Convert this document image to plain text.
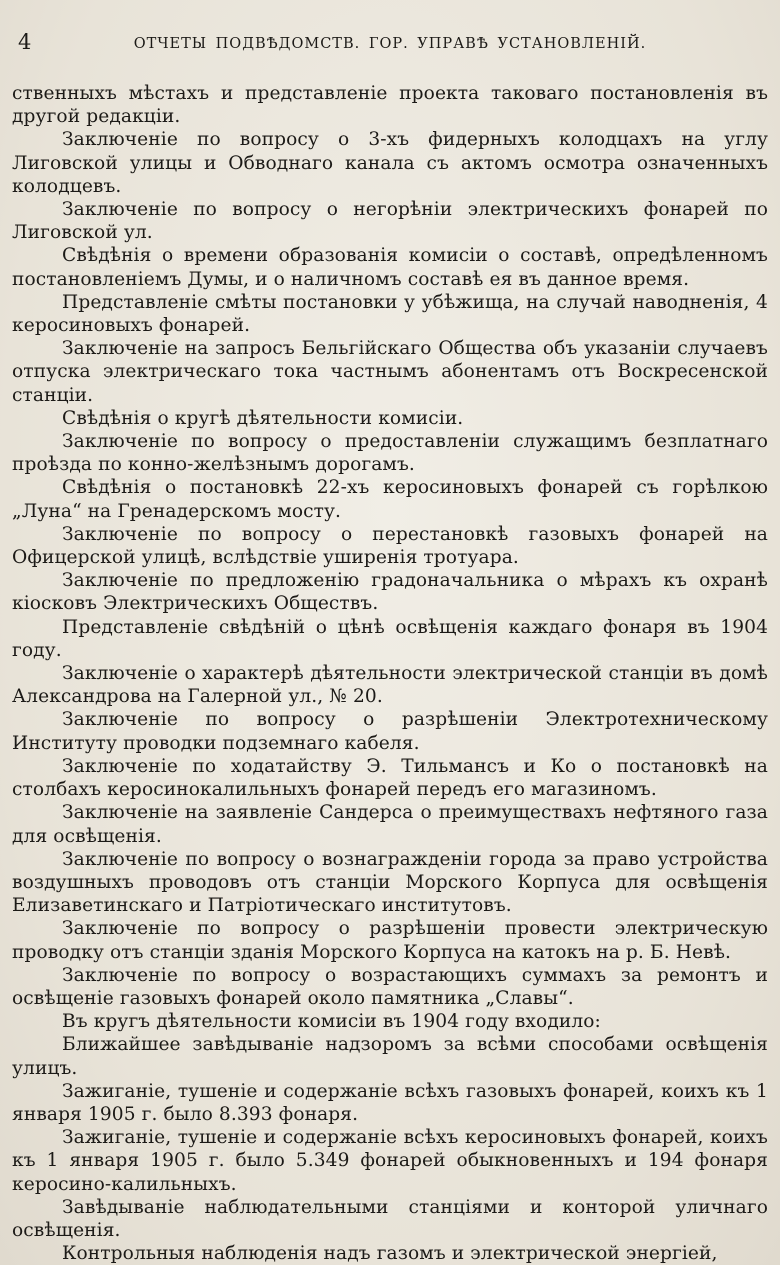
4	ОТЧЕТЫ ПОДВѢДОМСТВ. ГОР. УПРАВѢ УСТАНОВЛЕНІЙ.

ственныхъ мѣстахъ и представленіе проекта таковаго постановленія въ другой редакціи.

Заключеніе по вопросу о 3-хъ фидерныхъ колодцахъ на углу Лиговской улицы и Обводнаго канала съ актомъ осмотра означенныхъ колодцевъ.

Заключеніе по вопросу о негорѣніи электрическихъ фонарей по Лиговской ул.

Свѣдѣнія о времени образованія комисіи о составѣ, опредѣленномъ постановленіемъ Думы, и о наличномъ составѣ ея въ данное время.

Представленіе смѣты постановки у убѣжища, на случай наводненія, 4 керосиновыхъ фонарей.

Заключеніе на запросъ Бельгійскаго Общества объ указаніи случаевъ отпуска электрическаго тока частнымъ абонентамъ отъ Воскресенской станціи.

Свѣдѣнія о кругѣ дѣятельности комисіи.

Заключеніе по вопросу о предоставленіи служащимъ безплатнаго проѣзда по конно-желѣзнымъ дорогамъ.

Свѣдѣнія о постановкѣ 22-хъ керосиновыхъ фонарей съ горѣлкою „Луна“ на Гренадерскомъ мосту.

Заключеніе по вопросу о перестановкѣ газовыхъ фонарей на Офицерской улицѣ, вслѣдствіе уширенія тротуара.

Заключеніе по предложенію градоначальника о мѣрахъ къ охранѣ кіосковъ Электрическихъ Обществъ.

Представленіе свѣдѣній о цѣнѣ освѣщенія каждаго фонаря въ 1904 году.

Заключеніе о характерѣ дѣятельности электрической станціи въ домѣ Александрова на Галерной ул., № 20.

Заключеніе по вопросу о разрѣшеніи Электротехническому Институту проводки подземнаго кабеля.

Заключеніе по ходатайству Э. Тильмансъ и Ко о постановкѣ на столбахъ керосинокалильныхъ фонарей передъ его магазиномъ.

Заключеніе на заявленіе Сандерса о преимуществахъ нефтяного газа для освѣщенія.

Заключеніе по вопросу о вознагражденіи города за право устройства воздушныхъ проводовъ отъ станціи Морского Корпуса для освѣщенія Елизаветинскаго и Патріотическаго институтовъ.

Заключеніе по вопросу о разрѣшеніи провести электрическую проводку отъ станціи зданія Морского Корпуса на катокъ на р. Б. Невѣ.

Заключеніе по вопросу о возрастающихъ суммахъ за ремонтъ и освѣщеніе газовыхъ фонарей около памятника „Славы“.

Въ кругъ дѣятельности комисіи въ 1904 году входило:

Ближайшее завѣдываніе надзоромъ за всѣми способами освѣщенія улицъ.

Зажиганіе, тушеніе и содержаніе всѣхъ газовыхъ фонарей, коихъ къ 1 января 1905 г. было 8.393 фонаря.

Зажиганіе, тушеніе и содержаніе всѣхъ керосиновыхъ фонарей, коихъ къ 1 января 1905 г. было 5.349 фонарей обыкновенныхъ и 194 фонаря керосино-калильныхъ.

Завѣдываніе наблюдательными станціями и конторой уличнаго освѣщенія.

Контрольныя наблюденія надъ газомъ и электрической энергіей,
